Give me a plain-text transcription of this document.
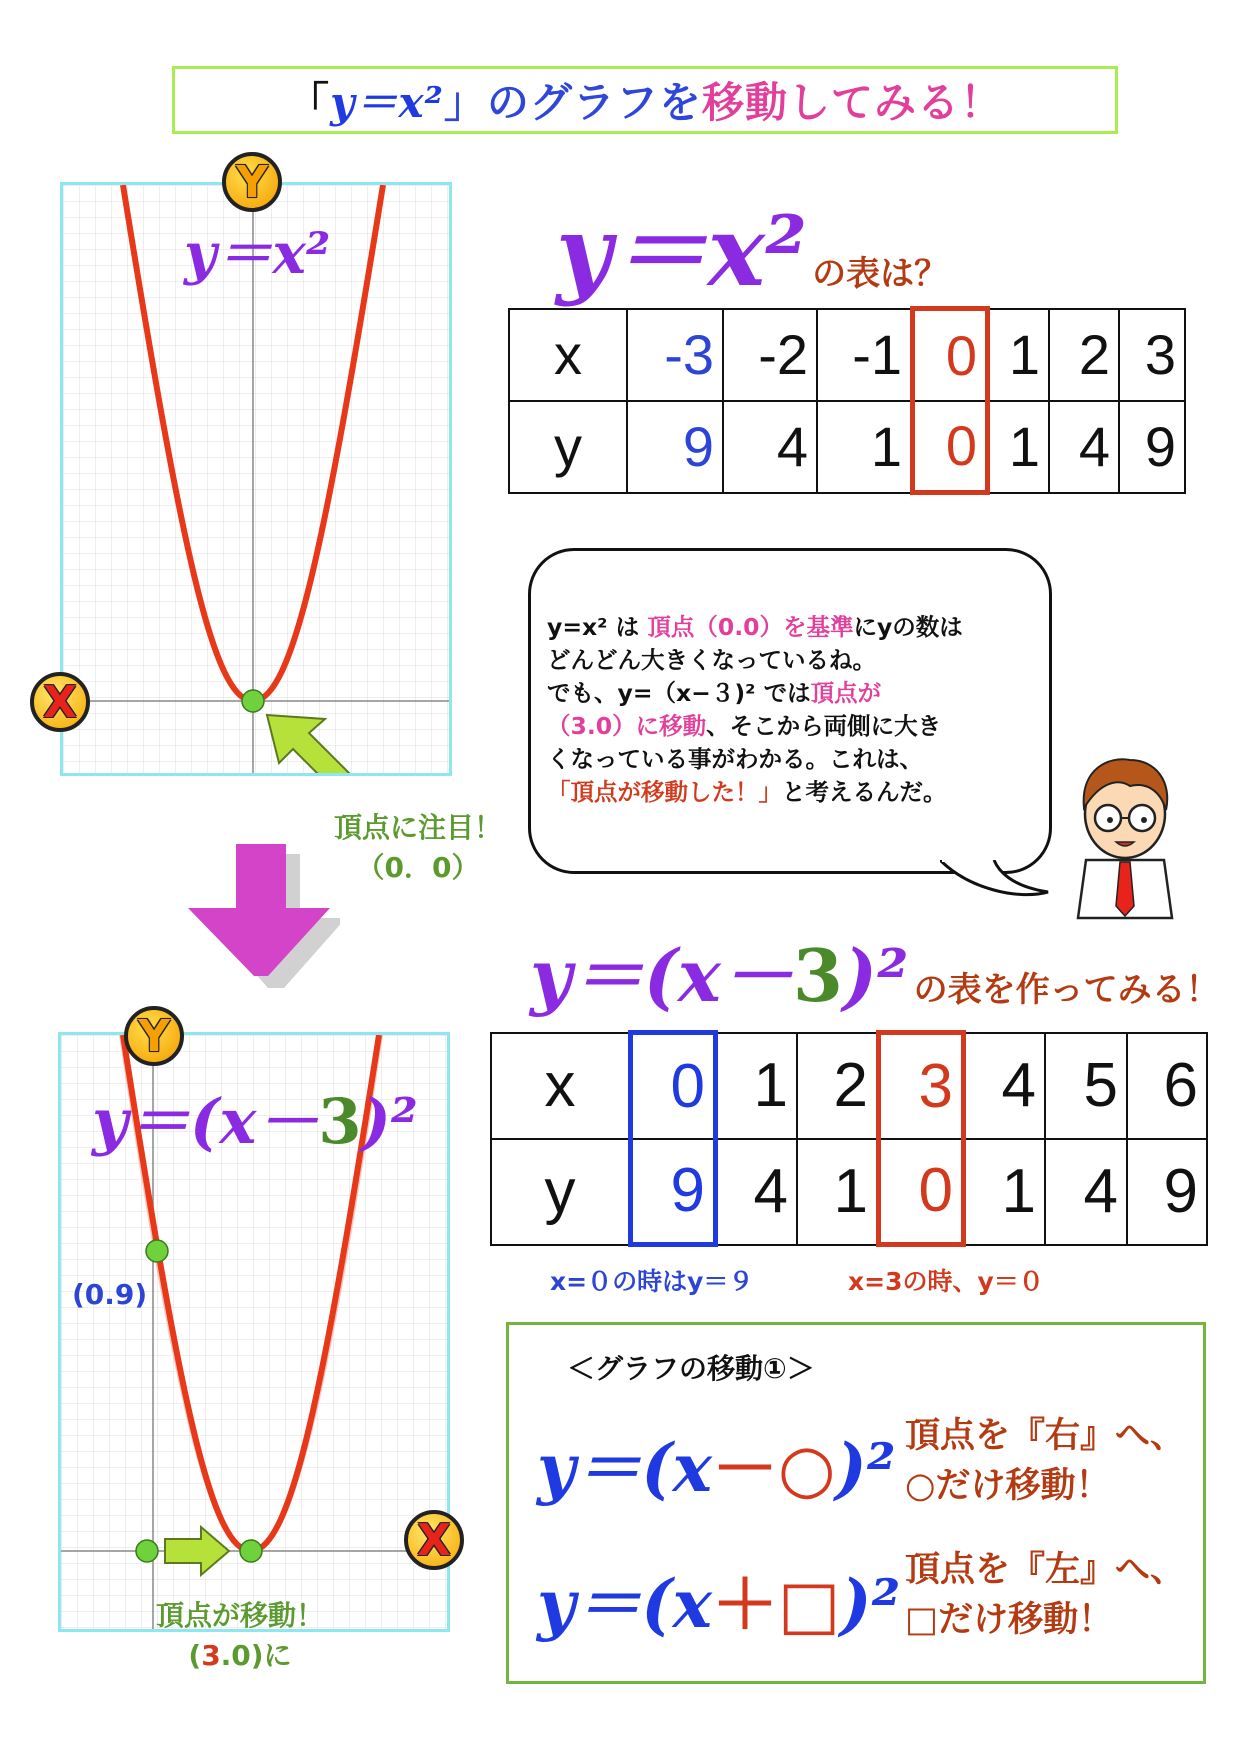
「 y＝x² 」 のグラフを 移動してみる！
Y
X
y＝x²
頂点に注目！
（0．0）
Y
X
y＝(x－3)²
(0.9)
頂点が移動！
(3.0)に
y＝x² の表は？
x	-3	-2	-1	0	1	2	3
y	9	4	1	0	1	4	9
y=x² は 頂点（0.0）を基準にyの数は
どんどん大きくなっているね。
でも、y=（x−３)² では頂点が
（3.0）に移動、そこから両側に大き
くなっている事がわかる。これは、
「頂点が移動した！」と考えるんだ。
y＝(x－3)² の表を作ってみる！
x	0	1	2	3	4	5	6
y	9	4	1	0	1	4	9
x=０の時はy＝９	x=3の時、y＝０
＜グラフの移動①＞
y＝(x－○)² 頂点を『右』へ、
○だけ移動！
y＝(x＋□)² 頂点を『左』へ、
□だけ移動！
